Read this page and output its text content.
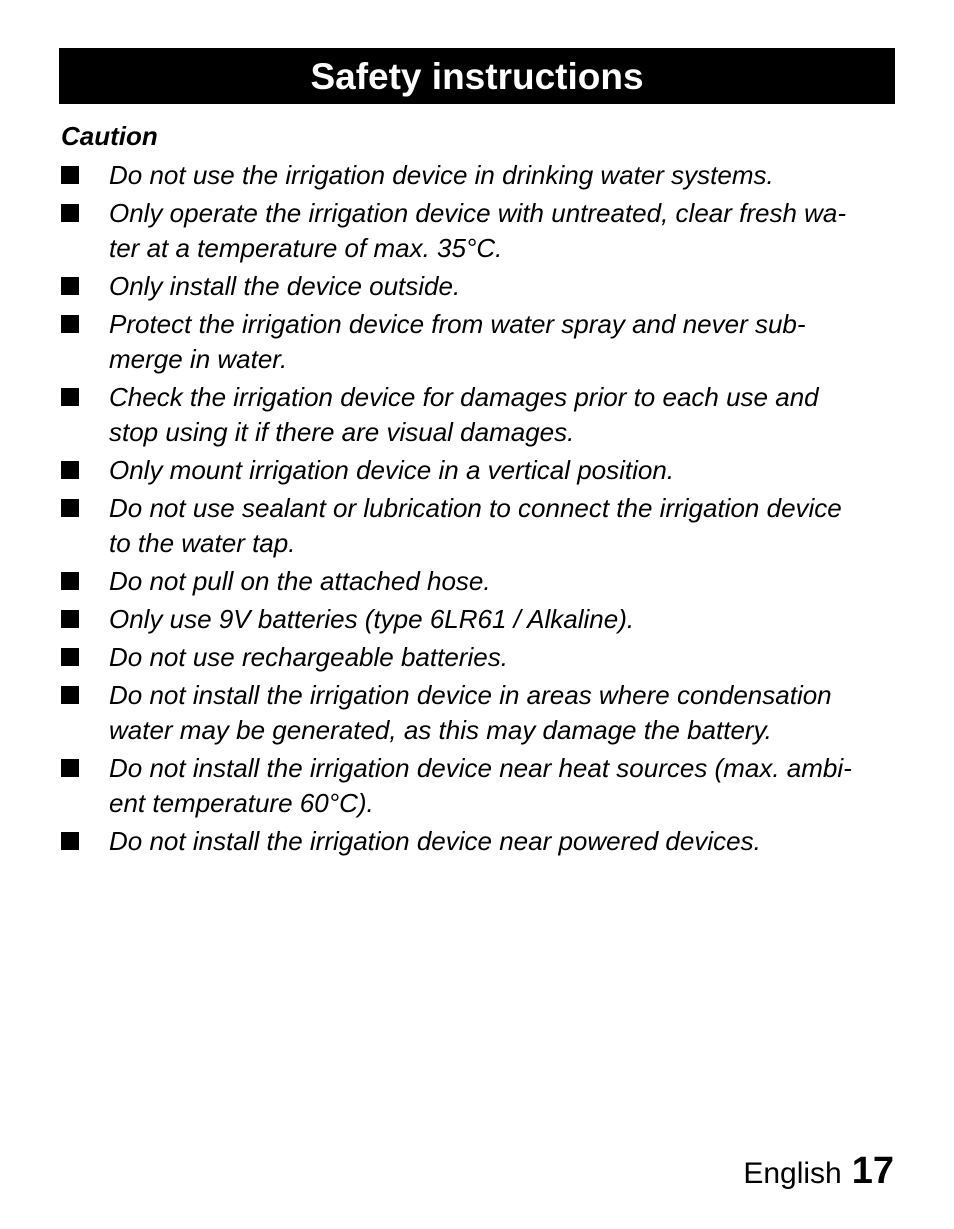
Safety instructions
Caution
Do not use the irrigation device in drinking water systems.
Only operate the irrigation device with untreated, clear fresh wa-
ter at a temperature of max. 35°C.
Only install the device outside.
Protect the irrigation device from water spray and never sub-
merge in water.
Check the irrigation device for damages prior to each use and
stop using it if there are visual damages.
Only mount irrigation device in a vertical position.
Do not use sealant or lubrication to connect the irrigation device
to the water tap.
Do not pull on the attached hose.
Only use 9V batteries (type 6LR61 / Alkaline).
Do not use rechargeable batteries.
Do not install the irrigation device in areas where condensation
water may be generated, as this may damage the battery.
Do not install the irrigation device near heat sources (max. ambi-
ent temperature 60°C).
Do not install the irrigation device near powered devices.
English 17
